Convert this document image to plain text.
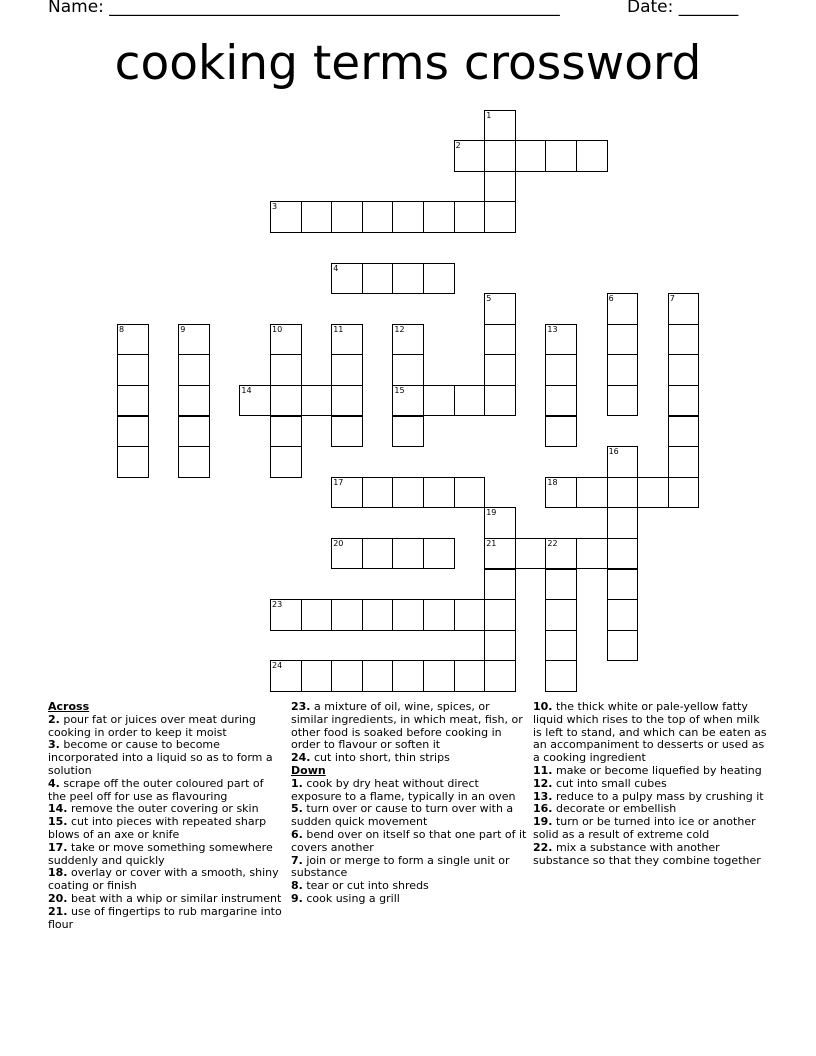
Name: _____________________________________________________	Date: _______
cooking terms crossword
1
2
3
4
5	6	7
8	9	10	11	12
15
13
14
16
17	18
19
21
20	22
23
24
Across
2. pour fat or juices over meat during cooking in order to keep it moist
3. become or cause to become incorporated into a liquid so as to form a solution
4. scrape off the outer coloured part of the peel off for use as flavouring
14. remove the outer covering or skin
15. cut into pieces with repeated sharp blows of an axe or knife
17. take or move something somewhere suddenly and quickly
18. overlay or cover with a smooth, shiny coating or finish
20. beat with a whip or similar instrument
21. use of fingertips to rub margarine into flour
23. a mixture of oil, wine, spices, or similar ingredients, in which meat, fish, or other food is soaked before cooking in order to flavour or soften it
24. cut into short, thin strips
Down
1. cook by dry heat without direct exposure to a flame, typically in an oven
5. turn over or cause to turn over with a sudden quick movement
6. bend over on itself so that one part of it covers another
7. join or merge to form a single unit or substance
8. tear or cut into shreds
9. cook using a grill
10. the thick white or pale-yellow fatty liquid which rises to the top of when milk is left to stand, and which can be eaten as an accompaniment to desserts or used as a cooking ingredient
11. make or become liquefied by heating
12. cut into small cubes
13. reduce to a pulpy mass by crushing it
16. decorate or embellish
19. turn or be turned into ice or another solid as a result of extreme cold
22. mix a substance with another substance so that they combine together
